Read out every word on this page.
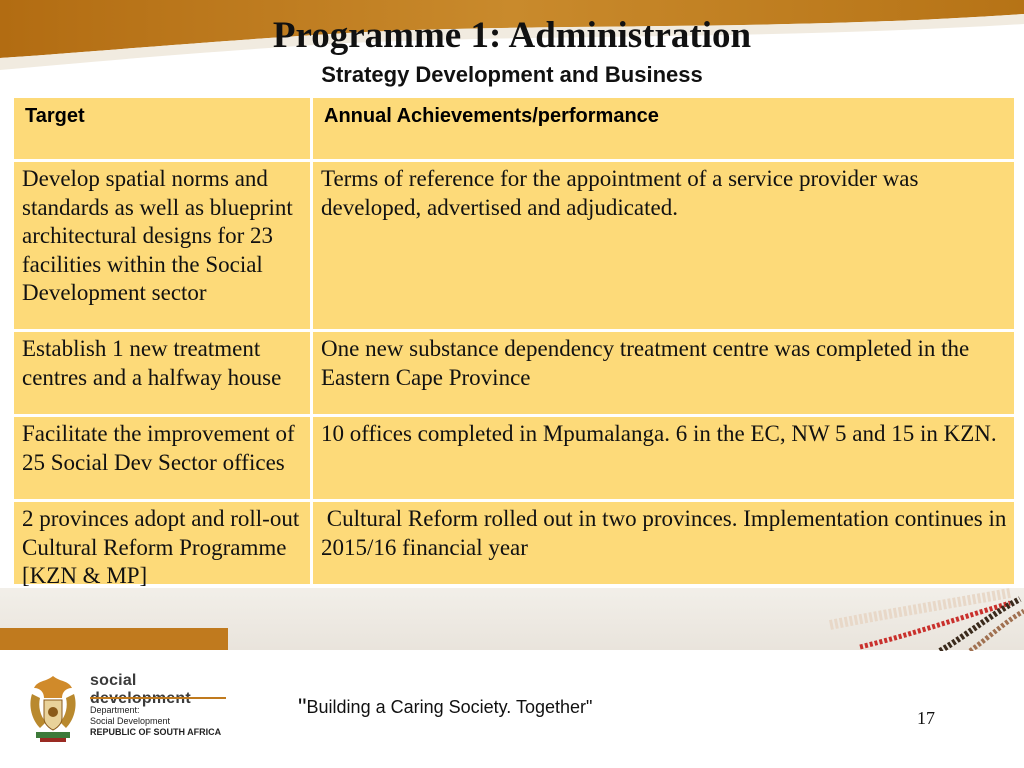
Programme 1: Administration
Strategy Development and Business
Target	Annual Achievements/performance
Develop spatial norms and standards as well as blueprint architectural designs for 23 facilities within the Social Development sector
Terms of reference for the appointment of a service provider was developed, advertised and adjudicated.
Establish 1 new treatment centres and a halfway house
One new substance dependency treatment centre was completed in the Eastern Cape Province
Facilitate the improvement of 25 Social Dev Sector offices
10 offices completed in Mpumalanga. 6 in the EC, NW 5 and 15 in KZN.
2 provinces adopt and roll-out Cultural Reform Programme [KZN & MP]
Cultural Reform rolled out in two provinces. Implementation continues in 2015/16 financial year
social
Department:
Social Development
REPUBLIC OF SOUTH AFRICA
"Building a Caring Society. Together"
17
